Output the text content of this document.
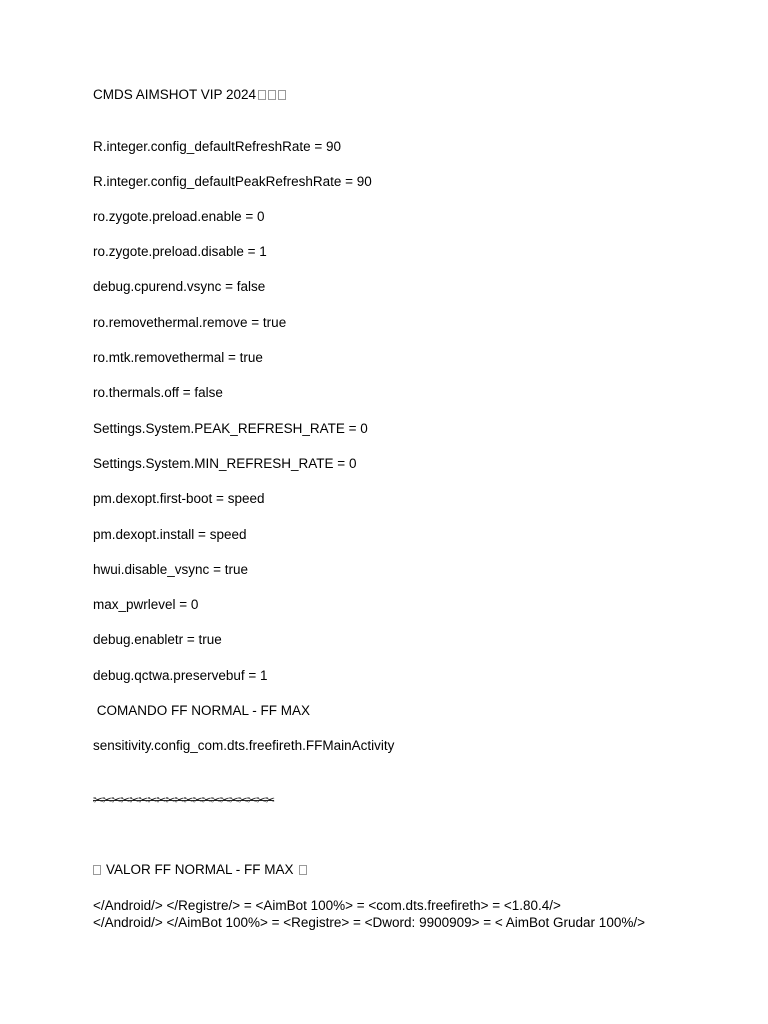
CMDS AIMSHOT VIP 2024
R.integer.config_defaultRefreshRate = 90
R.integer.config_defaultPeakRefreshRate = 90
ro.zygote.preload.enable = 0
ro.zygote.preload.disable = 1
debug.cpurend.vsync = false
ro.removethermal.remove = true
ro.mtk.removethermal = true
ro.thermals.off = false
Settings.System.PEAK_REFRESH_RATE = 0
Settings.System.MIN_REFRESH_RATE = 0
pm.dexopt.first-boot = speed
pm.dexopt.install = speed
hwui.disable_vsync = true
max_pwrlevel = 0
debug.enabletr = true
debug.qctwa.preservebuf = 1
COMANDO FF NORMAL - FF MAX
sensitivity.config_com.dts.freefireth.FFMainActivity
✂✂✂✂✂✂✂✂✂✂✂✂✂✂✂✂✂✂✂✂
VALOR FF NORMAL - FF MAX
</Android/> </Registre/> = <AimBot 100%> = <com.dts.freefireth> = <1.80.4/>
</Android/> </AimBot 100%> = <Registre> = <Dword: 9900909> = < AimBot Grudar 100%/>
